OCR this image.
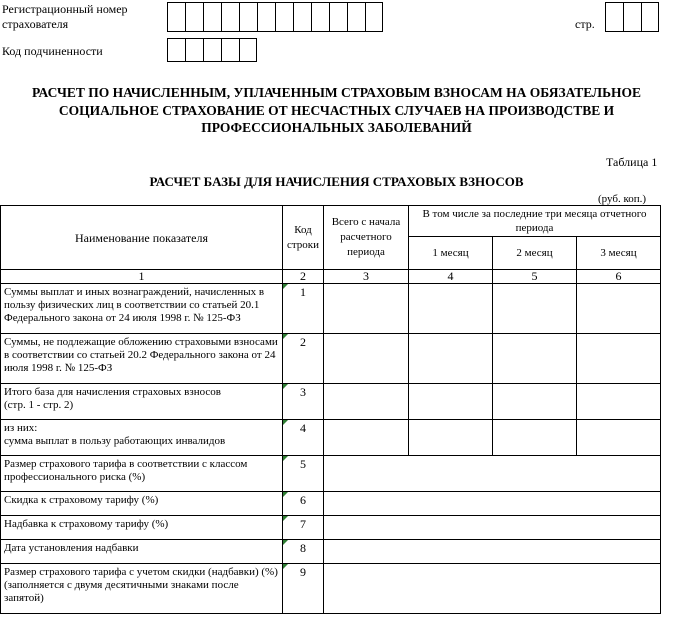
Регистрационный номер страхователя	стр.
Код подчиненности
РАСЧЕТ ПО НАЧИСЛЕННЫМ, УПЛАЧЕННЫМ СТРАХОВЫМ ВЗНОСАМ НА ОБЯЗАТЕЛЬНОЕ
СОЦИАЛЬНОЕ СТРАХОВАНИЕ ОТ НЕСЧАСТНЫХ СЛУЧАЕВ НА ПРОИЗВОДСТВЕ И
ПРОФЕССИОНАЛЬНЫХ ЗАБОЛЕВАНИЙ
Таблица 1
РАСЧЕТ БАЗЫ ДЛЯ НАЧИСЛЕНИЯ СТРАХОВЫХ ВЗНОСОВ
(руб. коп.)
Наименование показателя	Код строки	Всего с начала расчетного периода	В том числе за последние три месяца отчетного периода		
			1 месяц	2 месяц	3 месяц
1	2	3	4	5	6
Суммы выплат и иных вознаграждений, начисленных в пользу физических лиц в соответствии со статьей 20.1 Федерального закона от 24 июля 1998 г. № 125-ФЗ	1				
Суммы, не подлежащие обложению страховыми взносами в соответствии со статьей 20.2 Федерального закона от 24 июля 1998 г. № 125-ФЗ	2				

Итого база для начисления страховых взносов
(стр. 1 - стр. 2)	3				

из них:
сумма выплат в пользу работающих инвалидов	4				
Размер страхового тарифа в соответствии с классом профессионального риска (%)	5				
Скидка к страховому тарифу (%)	6				
Надбавка к страховому тарифу (%)	7				
Дата установления надбавки	8				
Размер страхового тарифа с учетом скидки (надбавки) (%) (заполняется с двумя десятичными знаками после запятой)	9				
